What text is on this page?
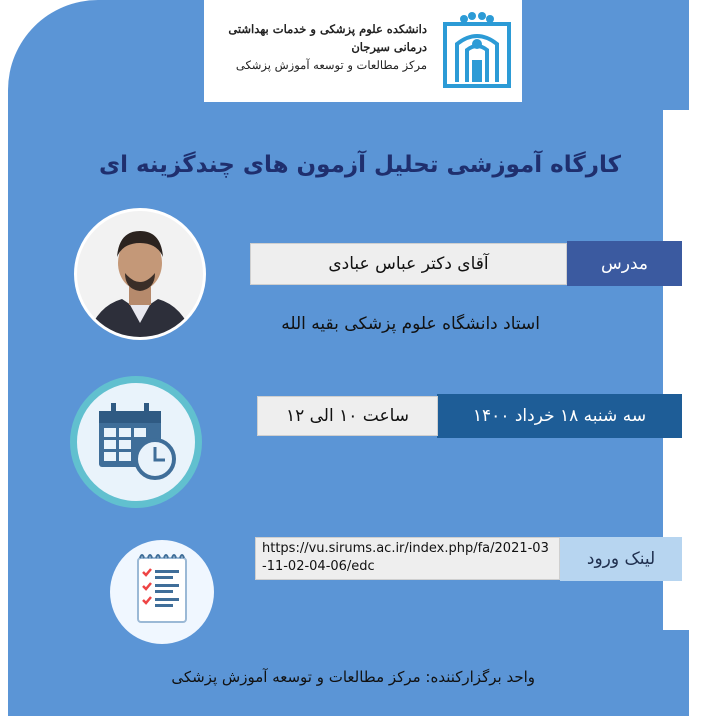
دانشکده علوم پزشکی و خدمات بهداشتی درمانی سیرجان
مرکز مطالعات و توسعه آموزش پزشکی
کارگاه آموزشی تحلیل آزمون های چندگزینه ای
مدرس
آقای دکتر عباس عبادی
استاد دانشگاه علوم پزشکی بقیه الله
سه شنبه ۱۸ خرداد ۱۴۰۰
ساعت ۱۰ الی ۱۲
لینک ورود
https://vu.sirums.ac.ir/index.php/fa/2021-03-11-02-04-06/edc
واحد برگزارکننده: مرکز مطالعات و توسعه آموزش پزشکی
